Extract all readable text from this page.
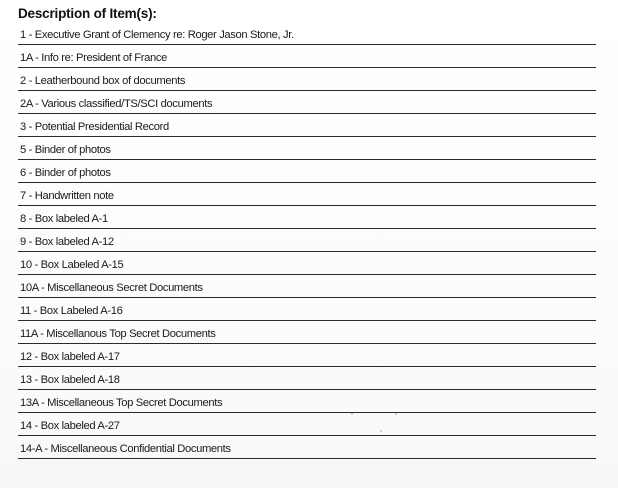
Description of Item(s):
1 - Executive Grant of Clemency re: Roger Jason Stone, Jr.
1A - Info re: President of France
2 - Leatherbound box of documents
2A - Various classified/TS/SCI documents
3 - Potential Presidential Record
5 - Binder of photos
6 - Binder of photos
7 - Handwritten note
8 - Box labeled A-1
9 - Box labeled A-12
10 - Box Labeled A-15
10A - Miscellaneous Secret Documents
11 - Box Labeled A-16
11A - Miscellanous Top Secret Documents
12 - Box labeled A-17
13 - Box labeled A-18
13A - Miscellaneous Top Secret Documents
14 - Box labeled A-27
14-A - Miscellaneous Confidential Documents
